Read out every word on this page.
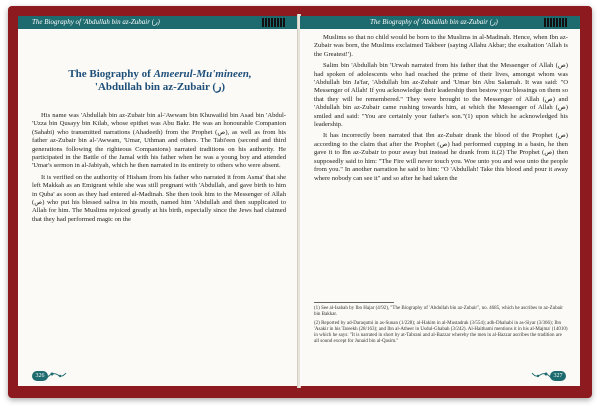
The Biography of 'Abdullah bin az-Zubair (ر)
The Biography of Ameerul-Mu'mineen,
'Abdullah bin az-Zubair (ر)

His name was 'Abdullah bin az-Zubair bin al-'Awwam bin Khuwailid bin Asad bin 'Abdul-'Uzza bin Qusayy bin Kilab, whose epithet was Abu Bakr. He was an honourable Companion (Sahabi) who transmitted narrations (Ahadeeth) from the Prophet (ص), as well as from his father az-Zubair bin al-'Awwam, 'Umar, Uthman and others. The Tabi'een (second and third generations following the righteous Companions) narrated traditions on his authority. He participated in the Battle of the Jamal with his father when he was a young boy and attended 'Umar's sermon in al-Jabiyah, which he then narrated in its entirety to others who were absent.

It is verified on the authority of Hisham from his father who narrated it from Asma' that she left Makkah as an Emigrant while she was still pregnant with 'Abdullah, and gave birth to him in Quba' as soon as they had entered al-Madinah. She then took him to the Messenger of Allah (ص) who put his blessed saliva in his mouth, named him 'Abdullah and then supplicated to Allah for him. The Muslims rejoiced greatly at his birth, especially since the Jews had claimed that they had performed magic on the

326
The Biography of 'Abdullah bin az-Zubair (ر)

Muslims so that no child would be born to the Muslims in al-Madinah. Hence, when Ibn az-Zubair was born, the Muslims exclaimed Takbeer (saying Allahu Akbar; the exaltation 'Allah is the Greatest!').

Salim bin 'Abdullah bin 'Urwah narrated from his father that the Messenger of Allah (ص) had spoken of adolescents who had reached the prime of their lives, amongst whom was 'Abdullah bin Ja'far, 'Abdullah bin az-Zubair and 'Umar bin Abu Salamah. It was said: "O Messenger of Allah! If you acknowledge their leadership then bestow your blessings on them so that they will be remembered." They were brought to the Messenger of Allah (ص) and 'Abdullah bin az-Zubair came rushing towards him, at which the Messenger of Allah (ص) smiled and said: "You are certainly your father's son."(1) upon which he acknowledged his leadership.

It has incorrectly been narrated that Ibn az-Zubair drank the blood of the Prophet (ص) according to the claim that after the Prophet (ص) had performed cupping in a basin, he then gave it to Ibn az-Zubair to pour away but instead he drank from it.(2) The Prophet (ص) then supposedly said to him: "The Fire will never touch you. Woe unto you and woe unto the people from you." In another narration he said to him: "O 'Abdullah! Take this blood and pour it away where nobody can see it" and so after he had taken the

(1) See al-Isabah by Ibn Hajar (4/92), "The Biography of 'Abdullah bin az-Zubair", no. 4685, which he ascribes to az-Zubair bin Bakkar.

(2) Reported by ad-Daraqutni in as-Sunan (1/228); al-Hakim in al-Mustadrak (3/554); adh-Dhahabi in as-Siyar (3/366); Ibn 'Asakir in his Tareekh (28/163); and Ibn al-Atheer in Usdul-Ghabah (3/242). Al-Haithami mentions it in his al-Majma' (14010) in which he says: "It is narrated in short by at-Tabrani and al-Bazzar whereby the men in al-Bazzar ascribes the tradition are all sound except for Junaid bin al-Qasim."

327
